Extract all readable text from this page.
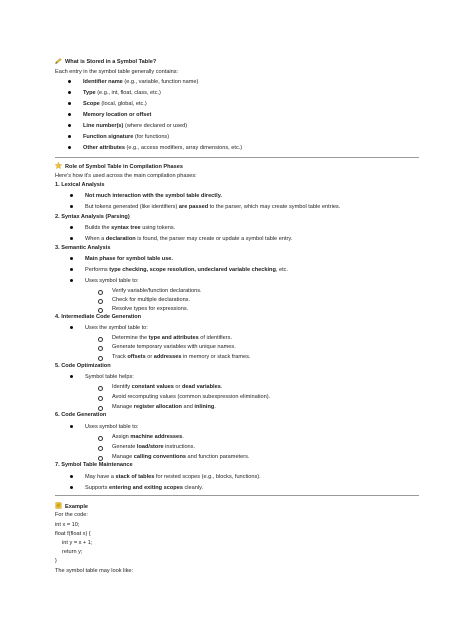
What is Stored in a Symbol Table?
Each entry in the symbol table generally contains:
Identifier name (e.g., variable, function name)
Type (e.g., int, float, class, etc.)
Scope (local, global, etc.)
Memory location or offset
Line number(s) (where declared or used)
Function signature (for functions)
Other attributes (e.g., access modifiers, array dimensions, etc.)
Role of Symbol Table in Compilation Phases
Here's how it's used across the main compilation phases:
1. Lexical Analysis
Not much interaction with the symbol table directly.
But tokens generated (like identifiers) are passed to the parser, which may create symbol table entries.
2. Syntax Analysis (Parsing)
Builds the syntax tree using tokens.
When a declaration is found, the parser may create or update a symbol table entry.
3. Semantic Analysis
Main phase for symbol table use.
Performs type checking, scope resolution, undeclared variable checking, etc.
Uses symbol table to:
Verify variable/function declarations.
Check for multiple declarations.
Resolve types for expressions.
4. Intermediate Code Generation
Uses the symbol table to:
Determine the type and attributes of identifiers.
Generate temporary variables with unique names.
Track offsets or addresses in memory or stack frames.
5. Code Optimization
Symbol table helps:
Identify constant values or dead variables.
Avoid recomputing values (common subexpression elimination).
Manage register allocation and inlining.
6. Code Generation
Uses symbol table to:
Assign machine addresses.
Generate load/store instructions.
Manage calling conventions and function parameters.
7. Symbol Table Maintenance
May have a stack of tables for nested scopes (e.g., blocks, functions).
Supports entering and exiting scopes cleanly.
Example
For the code:
int x = 10;
float f(float x) {
int y = x + 1;
return y;
}
The symbol table may look like:
